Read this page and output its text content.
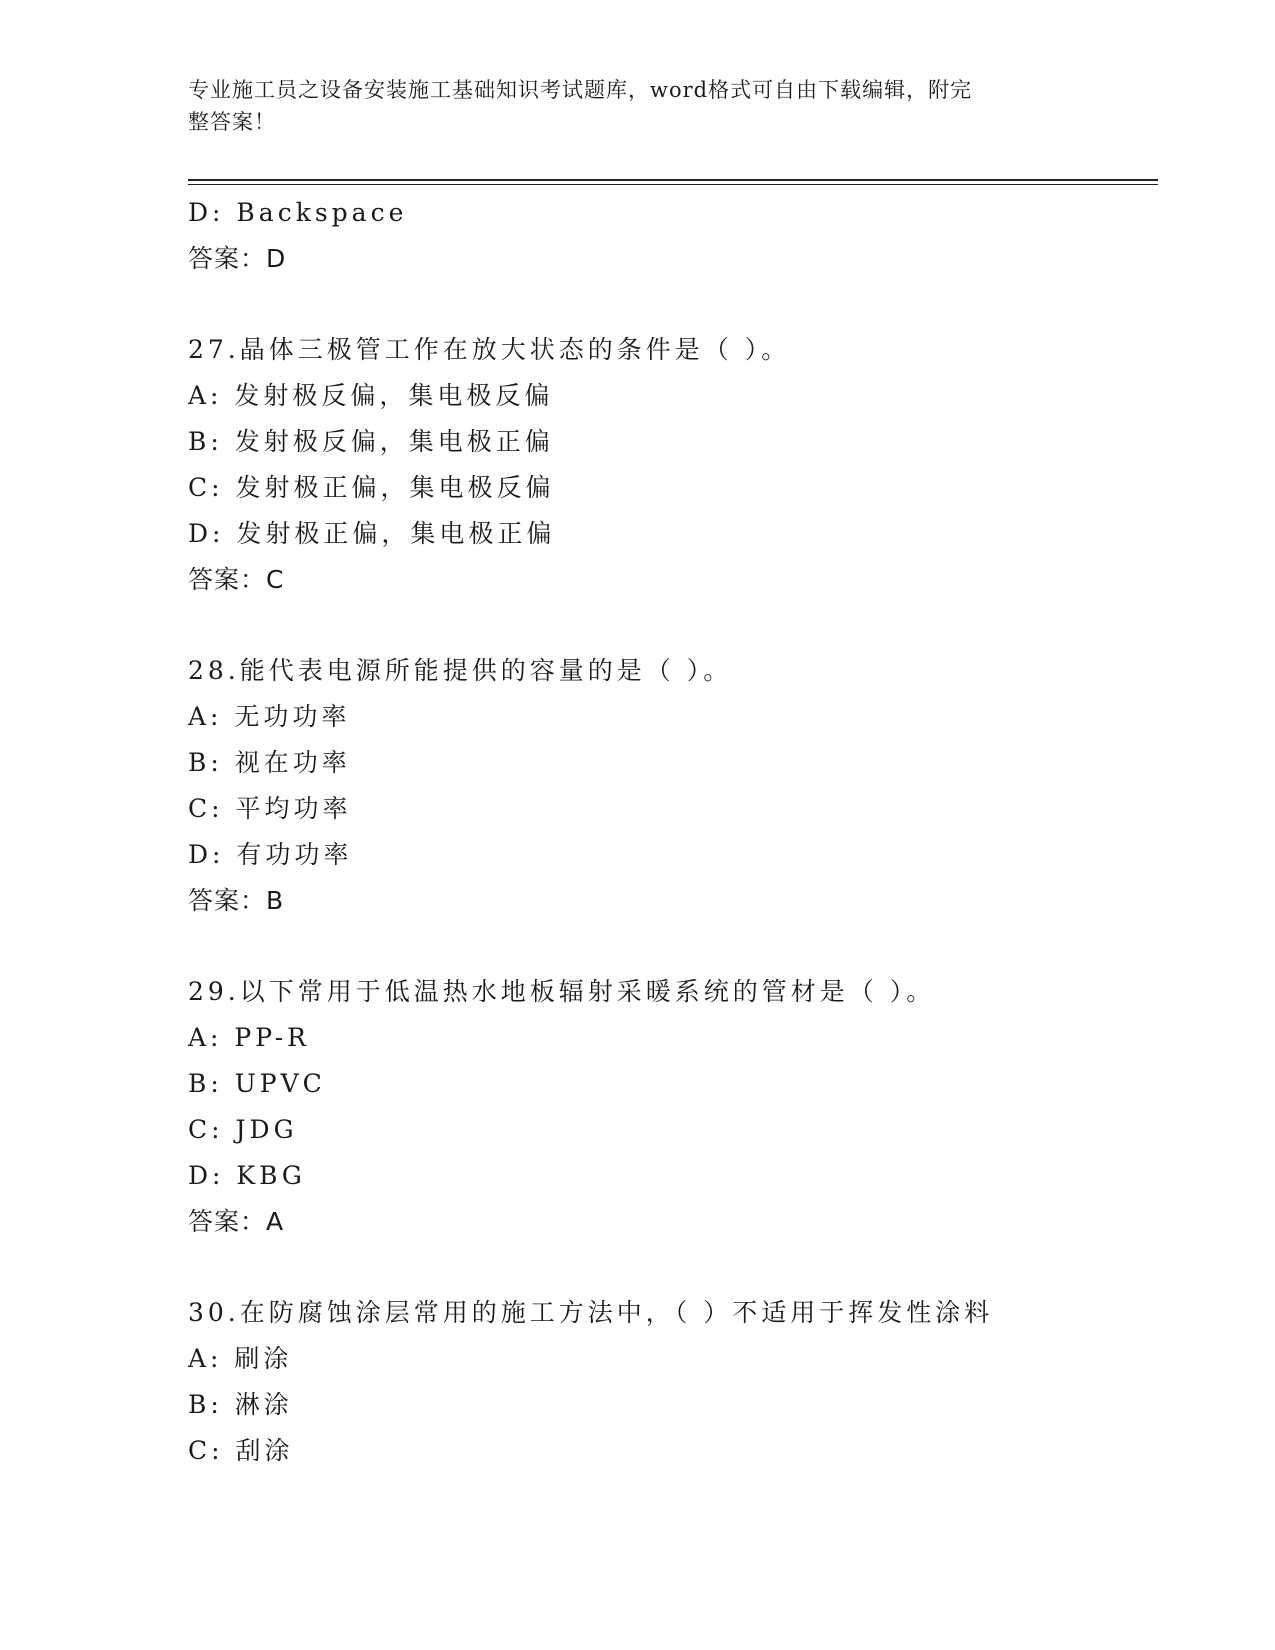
专业施工员之设备安装施工基础知识考试题库，word格式可自由下载编辑，附完
整答案！
D: Backspace
答案：D
27.晶体三极管工作在放大状态的条件是（ ）。
A: 发射极反偏，集电极反偏
B: 发射极反偏，集电极正偏
C: 发射极正偏，集电极反偏
D: 发射极正偏，集电极正偏
答案：C
28.能代表电源所能提供的容量的是（ ）。
A: 无功功率
B: 视在功率
C: 平均功率
D: 有功功率
答案：B
29.以下常用于低温热水地板辐射采暖系统的管材是（ ）。
A: PP-R
B: UPVC
C: JDG
D: KBG
答案：A
30.在防腐蚀涂层常用的施工方法中，（ ）不适用于挥发性涂料
A: 刷涂
B: 淋涂
C: 刮涂
